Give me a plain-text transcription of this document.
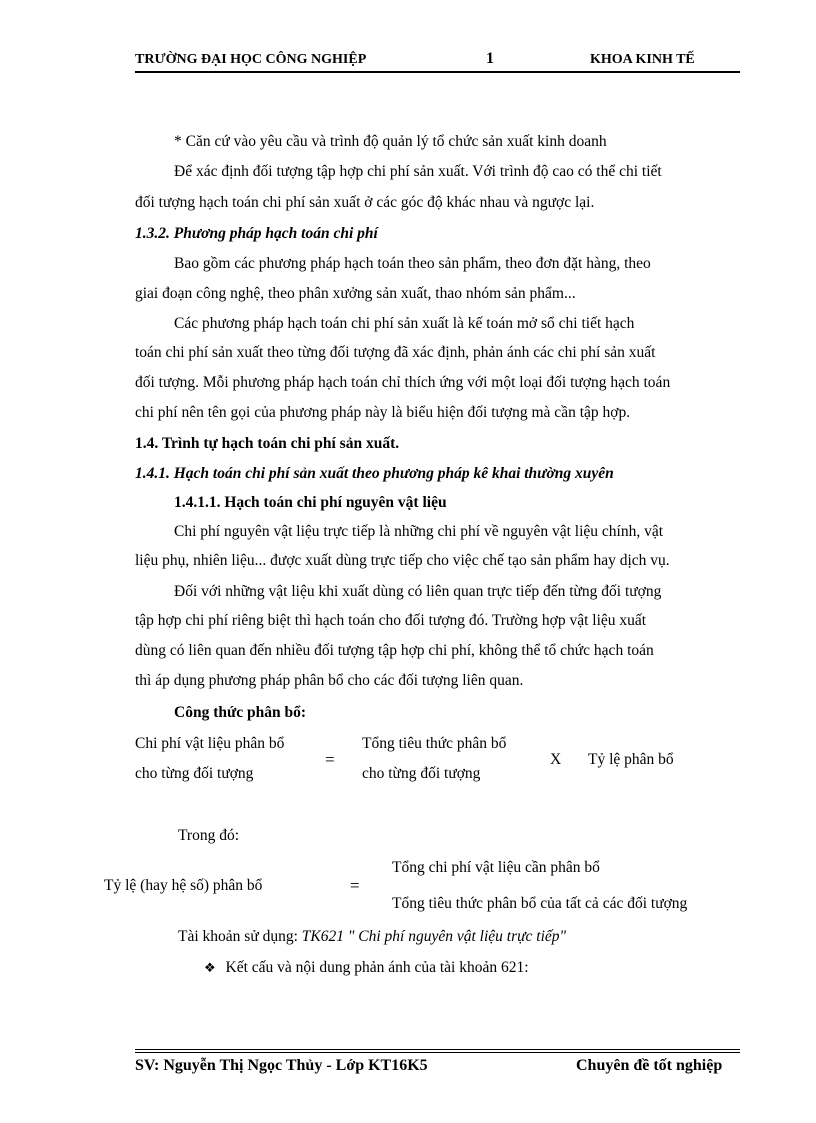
TRƯỜNG ĐẠI HỌC CÔNG NGHIỆP	1	KHOA KINH TẾ
* Căn cứ vào yêu cầu và trình độ quản lý tổ chức sản xuất kinh doanh
Để xác định đối tượng tập hợp chi phí sản xuất. Với trình độ cao có thể chi tiết
đối tượng hạch toán chi phí sản xuất ở các góc độ khác nhau và ngược lại.
1.3.2. Phương pháp hạch toán chi phí
Bao gồm các phương pháp hạch toán theo sản phẩm, theo đơn đặt hàng, theo
giai đoạn công nghệ, theo phân xưởng sản xuất, thao nhóm sản phẩm...
Các phương pháp hạch toán chi phí sản xuất là kế toán mở sổ chi tiết hạch
toán chi phí sản xuất theo từng đối tượng đã xác định, phản ánh các chi phí sản xuất
đối tượng. Mỗi phương pháp hạch toán chỉ thích ứng với một loại đối tượng hạch toán
chi phí nên tên gọi của phương pháp này là biểu hiện đối tượng mà cần tập hợp.
1.4. Trình tự hạch toán chi phí sản xuất.
1.4.1. Hạch toán chi phí sản xuất theo phương pháp kê khai thường xuyên
1.4.1.1. Hạch toán chi phí nguyên vật liệu
Chi phí nguyên vật liệu trực tiếp là những chi phí về nguyên vật liệu chính, vật
liệu phụ, nhiên liệu... được xuất dùng trực tiếp cho việc chế tạo sản phẩm hay dịch vụ.
Đối với những vật liệu khi xuất dùng có liên quan trực tiếp đến từng đối tượng
tập hợp chi phí riêng biệt thì hạch toán cho đối tượng đó. Trường hợp vật liệu xuất
dùng có liên quan đến nhiều đối tượng tập hợp chi phí, không thể tổ chức hạch toán
thì áp dụng phương pháp phân bổ cho các đối tượng liên quan.
Công thức phân bổ:
Chi phí vật liệu phân bổ
cho từng đối tượng
=
Tổng tiêu thức phân bổ
cho từng đối tượng
X Tỷ lệ phân bổ
Trong đó:
Tỷ lệ (hay hệ số) phân bổ	=
Tổng chi phí vật liệu cần phân bổ
Tổng tiêu thức phân bổ của tất cả các đối tượng
Tài khoản sử dụng: TK621 " Chi phí nguyên vật liệu trực tiếp"
❖ Kết cấu và nội dung phản ánh của tài khoản 621:
SV: Nguyễn Thị Ngọc Thủy - Lớp KT16K5	Chuyên đề tốt nghiệp
